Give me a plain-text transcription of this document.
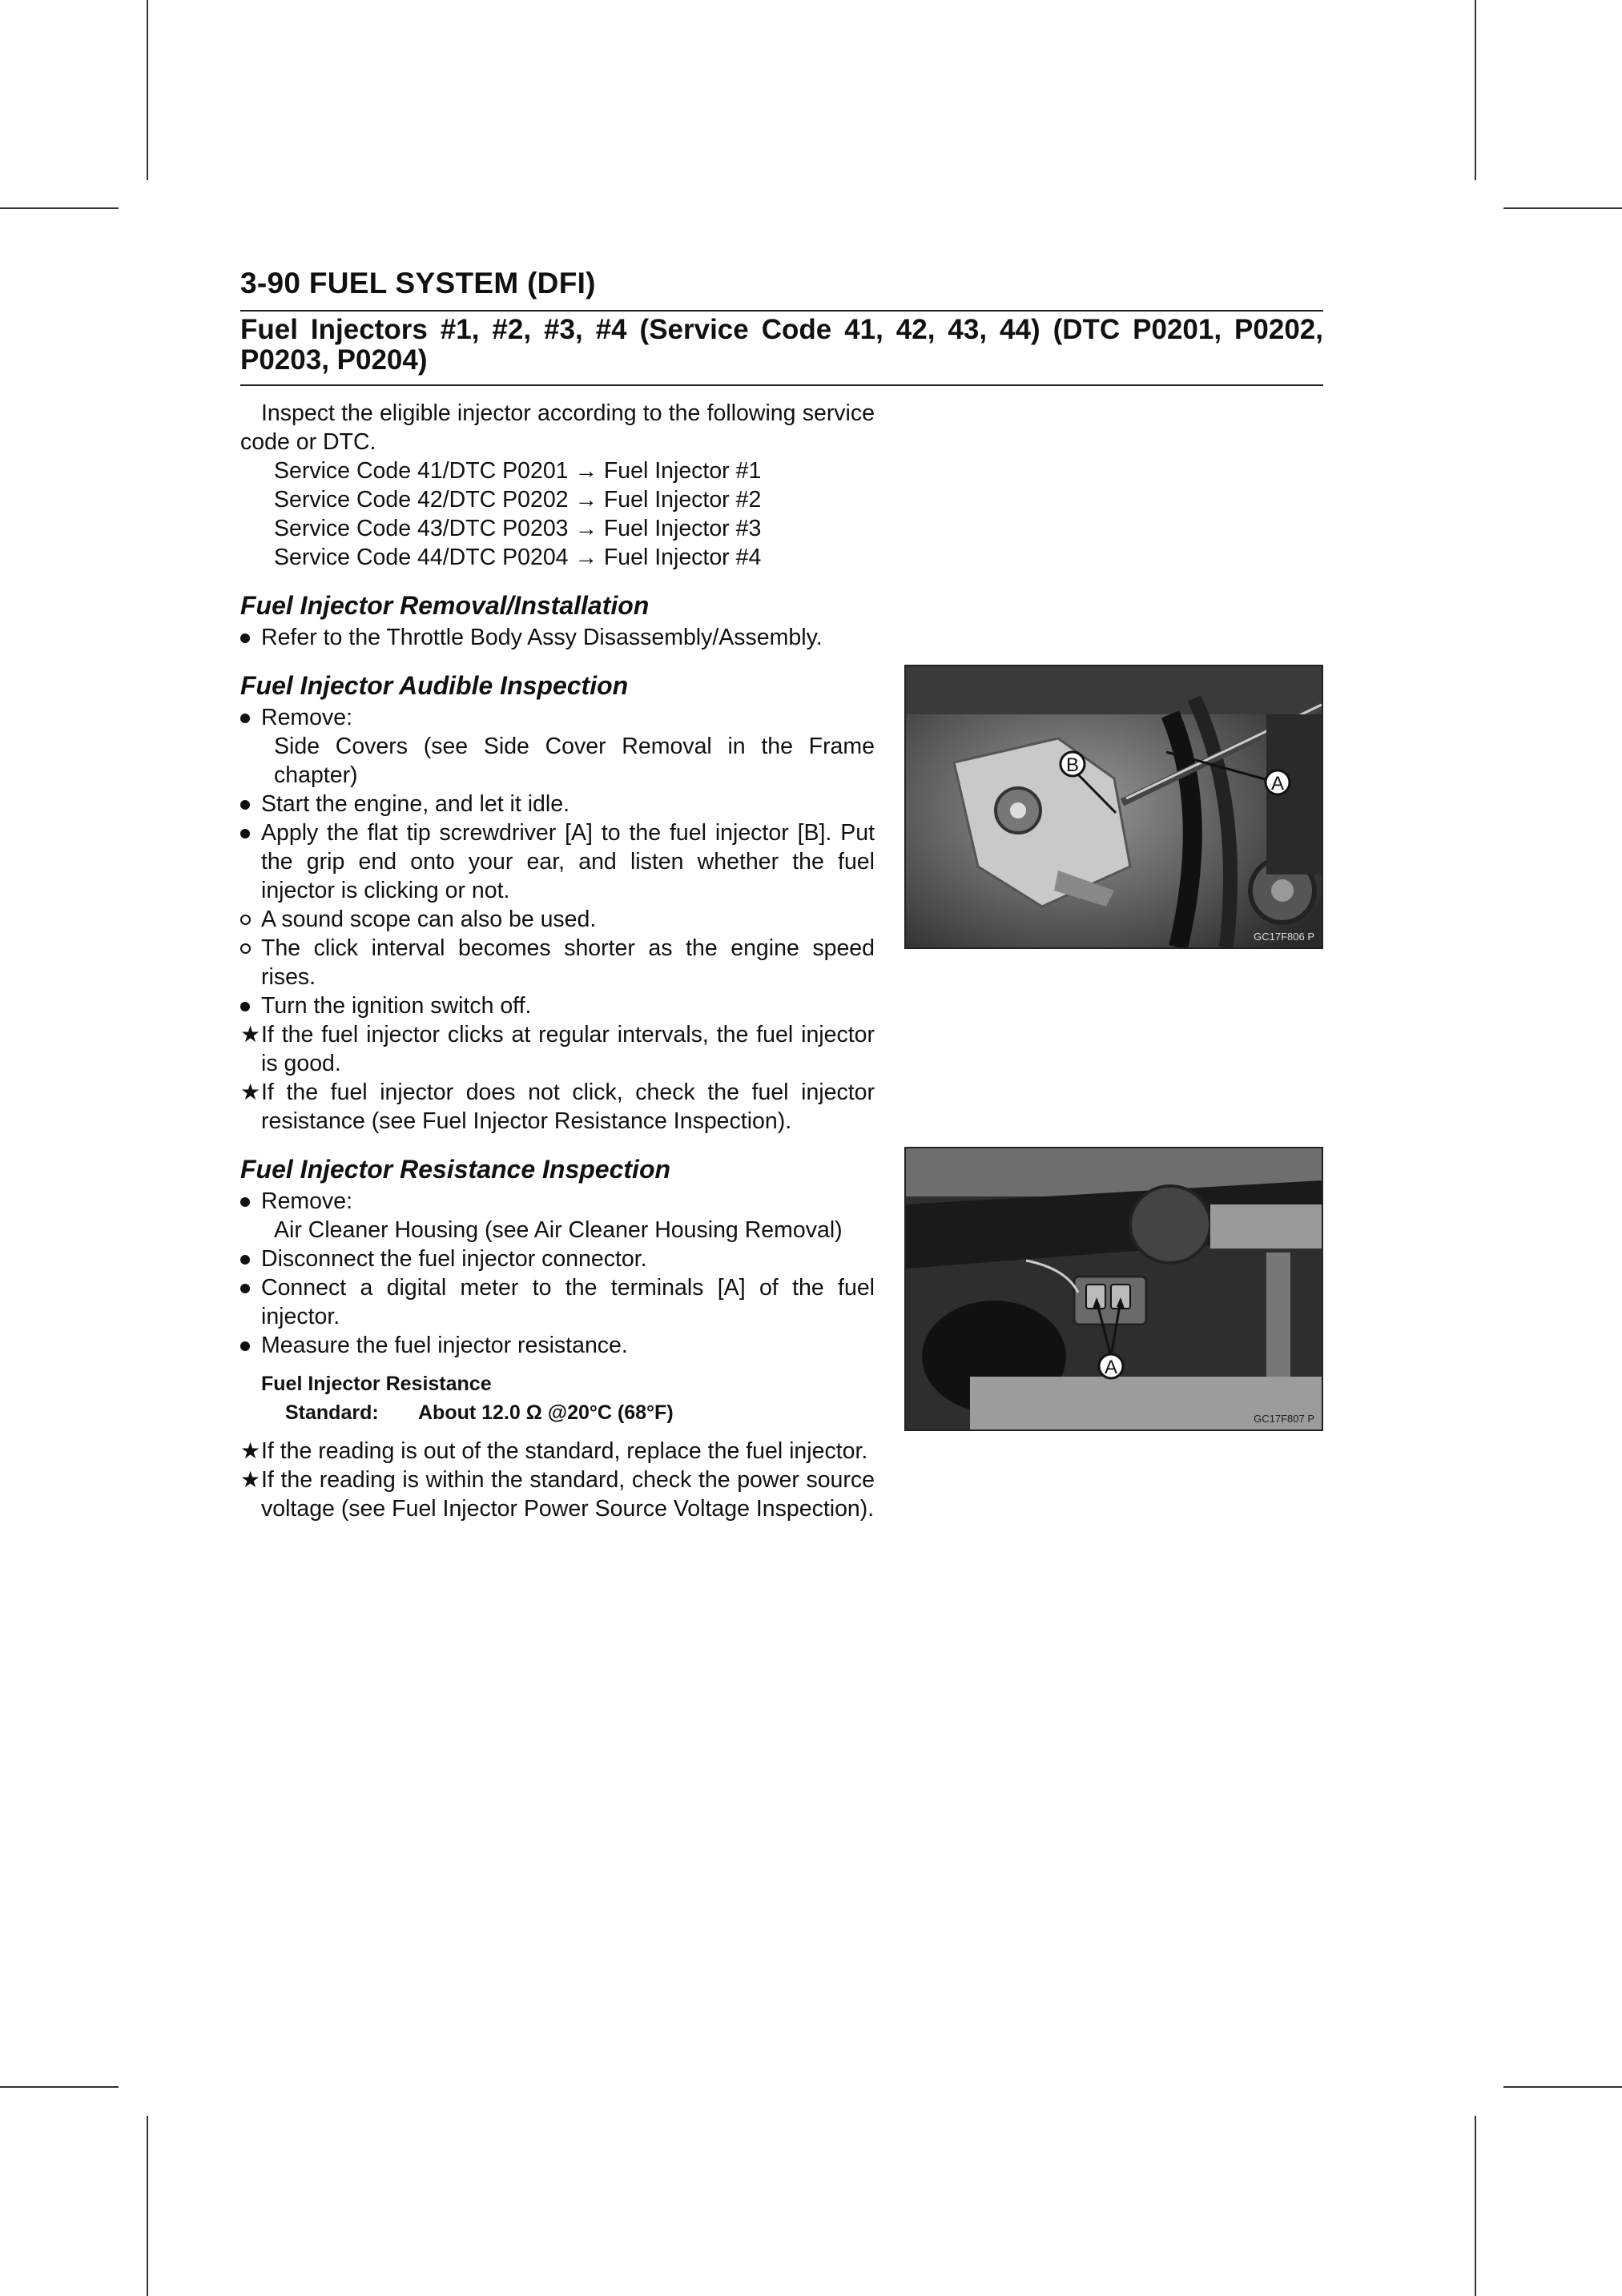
3-90 FUEL SYSTEM (DFI)
Fuel Injectors #1, #2, #3, #4 (Service Code 41, 42, 43, 44) (DTC P0201, P0202, P0203, P0204)

Inspect the eligible injector according to the following service code or DTC.

Service Code 41/DTC P0201 → Fuel Injector #1
Service Code 42/DTC P0202 → Fuel Injector #2
Service Code 43/DTC P0203 → Fuel Injector #3
Service Code 44/DTC P0204 → Fuel Injector #4
Fuel Injector Removal/Installation
Refer to the Throttle Body Assy Disassembly/Assembly.
Fuel Injector Audible Inspection
Remove:
Side Covers (see Side Cover Removal in the Frame chapter)
Start the engine, and let it idle.
Apply the flat tip screwdriver [A] to the fuel injector [B]. Put the grip end onto your ear, and listen whether the fuel injector is clicking or not.
A sound scope can also be used.
The click interval becomes shorter as the engine speed rises.
Turn the ignition switch off.
★ If the fuel injector clicks at regular intervals, the fuel injector is good.
★ If the fuel injector does not click, check the fuel injector resistance (see Fuel Injector Resistance Inspection).
Fuel Injector Resistance Inspection
Remove:
Air Cleaner Housing (see Air Cleaner Housing Removal)
Disconnect the fuel injector connector.
Connect a digital meter to the terminals [A] of the fuel injector.
Measure the fuel injector resistance.
Fuel Injector Resistance
Standard: About 12.0 Ω @20°C (68°F)
★ If the reading is out of the standard, replace the fuel injector.
★ If the reading is within the standard, check the power source voltage (see Fuel Injector Power Source Voltage Inspection).
B
A
GC17F806 P
A
GC17F807 P
